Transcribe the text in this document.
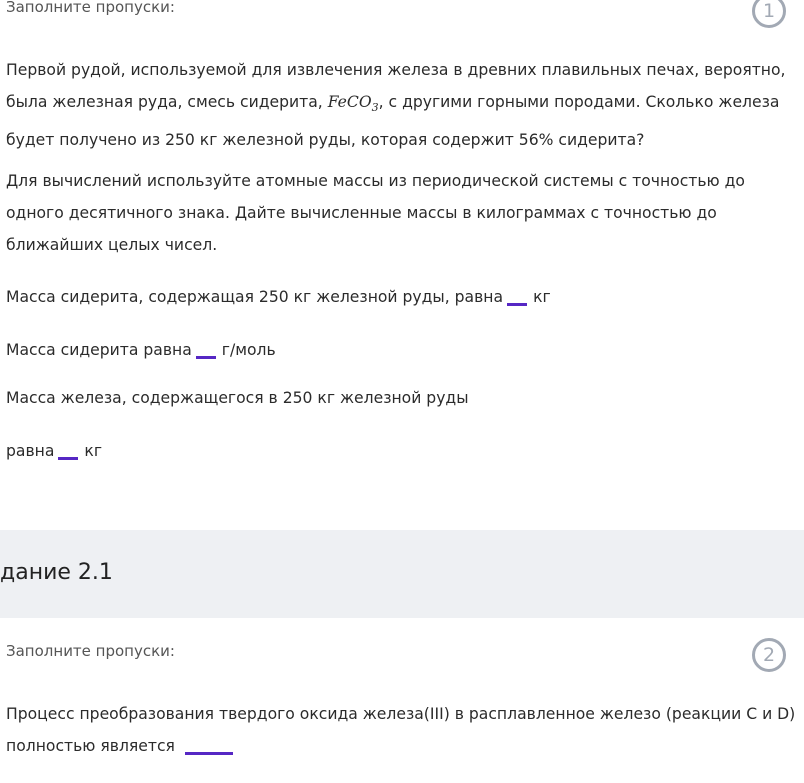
Заполните пропуски:	1

Первой рудой, используемой для извлечения железа в древних плавильных печах, вероятно, была железная руда, смесь сидерита, FeCO$_3$, с другими горными породами. Сколько железа будет получено из 250 кг железной руды, которая содержит 56% сидерита?

Для вычислений используйте атомные массы из периодической системы с точностью до одного десятичного знака. Дайте вычисленные массы в килограммах с точностью до ближайших целых чисел.

Масса сидерита, содержащая 250 кг железной руды, равна кг
Масса сидерита равна г/моль
Масса железа, содержащегося в 250 кг железной руды
равна кг
дание 2.1
Заполните пропуски:	2

Процесс преобразования твердого оксида железа(III) в расплавленное железо (реакции C и D) полностью является
